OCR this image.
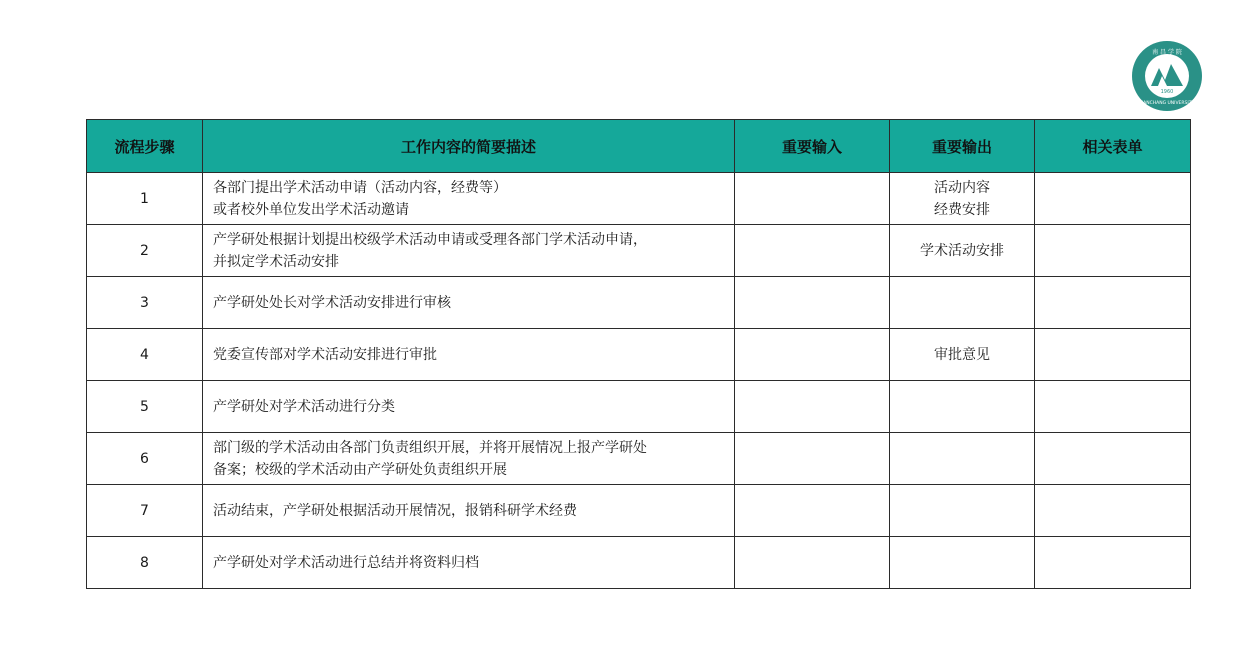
1960
南 昌 学 院
NANCHANG UNIVERSITY
流程步骤	工作内容的简要描述	重要输入	重要输出	相关表单
1	各部门提出学术活动申请（活动内容，经费等）
或者校外单位发出学术活动邀请		活动内容
经费安排	

2	产学研处根据计划提出校级学术活动申请或受理各部门学术活动申请，
并拟定学术活动安排		学术活动安排	

3	产学研处处长对学术活动安排进行审核			

4	党委宣传部对学术活动安排进行审批		审批意见	

5	产学研处对学术活动进行分类			

6	部门级的学术活动由各部门负责组织开展，并将开展情况上报产学研处
备案；校级的学术活动由产学研处负责组织开展			

7	活动结束，产学研处根据活动开展情况，报销科研学术经费			

8	产学研处对学术活动进行总结并将资料归档			
